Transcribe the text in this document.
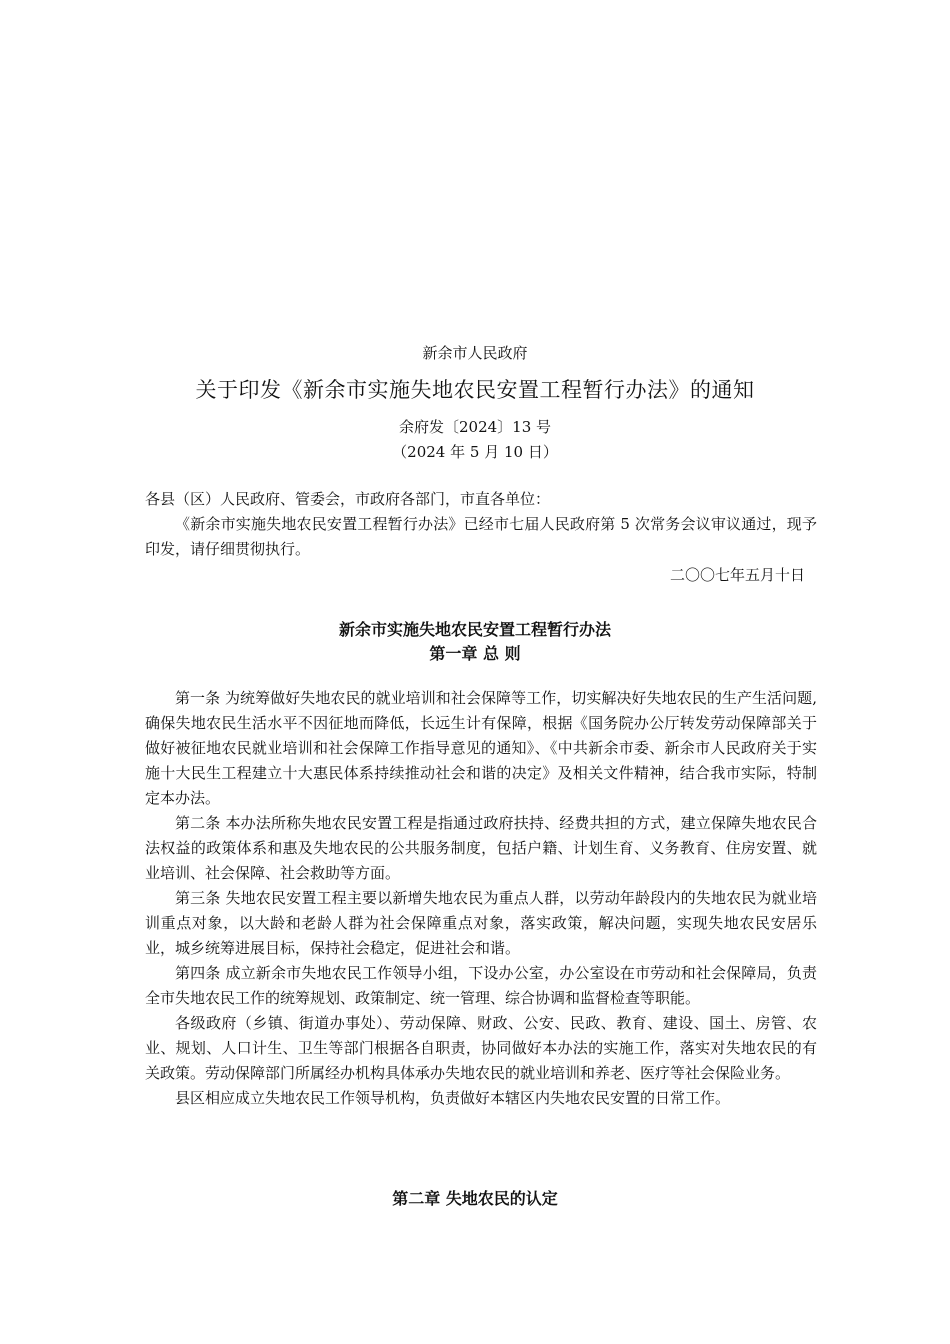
新余市人民政府
关于印发《新余市实施失地农民安置工程暂行办法》的通知
余府发〔2024〕13 号
（2024 年 5 月 10 日）
各县（区）人民政府、管委会，市政府各部门，市直各单位：
《新余市实施失地农民安置工程暂行办法》已经市七届人民政府第 5 次常务会议审议通过，现予印发，请仔细贯彻执行。
二〇〇七年五月十日
新余市实施失地农民安置工程暂行办法
第一章 总 则

第一条 为统筹做好失地农民的就业培训和社会保障等工作，切实解决好失地农民的生产生活问题,确保失地农民生活水平不因征地而降低，长远生计有保障，根据《国务院办公厅转发劳动保障部关于做好被征地农民就业培训和社会保障工作指导意见的通知》、《中共新余市委、新余市人民政府关于实施十大民生工程建立十大惠民体系持续推动社会和谐的决定》及相关文件精神，结合我市实际，特制定本办法。

第二条 本办法所称失地农民安置工程是指通过政府扶持、经费共担的方式，建立保障失地农民合法权益的政策体系和惠及失地农民的公共服务制度，包括户籍、计划生育、义务教育、住房安置、就业培训、社会保障、社会救助等方面。

第三条 失地农民安置工程主要以新增失地农民为重点人群，以劳动年龄段内的失地农民为就业培训重点对象，以大龄和老龄人群为社会保障重点对象，落实政策，解决问题，实现失地农民安居乐业，城乡统筹进展目标，保持社会稳定，促进社会和谐。

第四条 成立新余市失地农民工作领导小组，下设办公室，办公室设在市劳动和社会保障局，负责全市失地农民工作的统筹规划、政策制定、统一管理、综合协调和监督检查等职能。

各级政府（乡镇、街道办事处）、劳动保障、财政、公安、民政、教育、建设、国土、房管、农业、规划、人口计生、卫生等部门根据各自职责，协同做好本办法的实施工作，落实对失地农民的有关政策。劳动保障部门所属经办机构具体承办失地农民的就业培训和养老、医疗等社会保险业务。

县区相应成立失地农民工作领导机构，负责做好本辖区内失地农民安置的日常工作。

第二章 失地农民的认定
